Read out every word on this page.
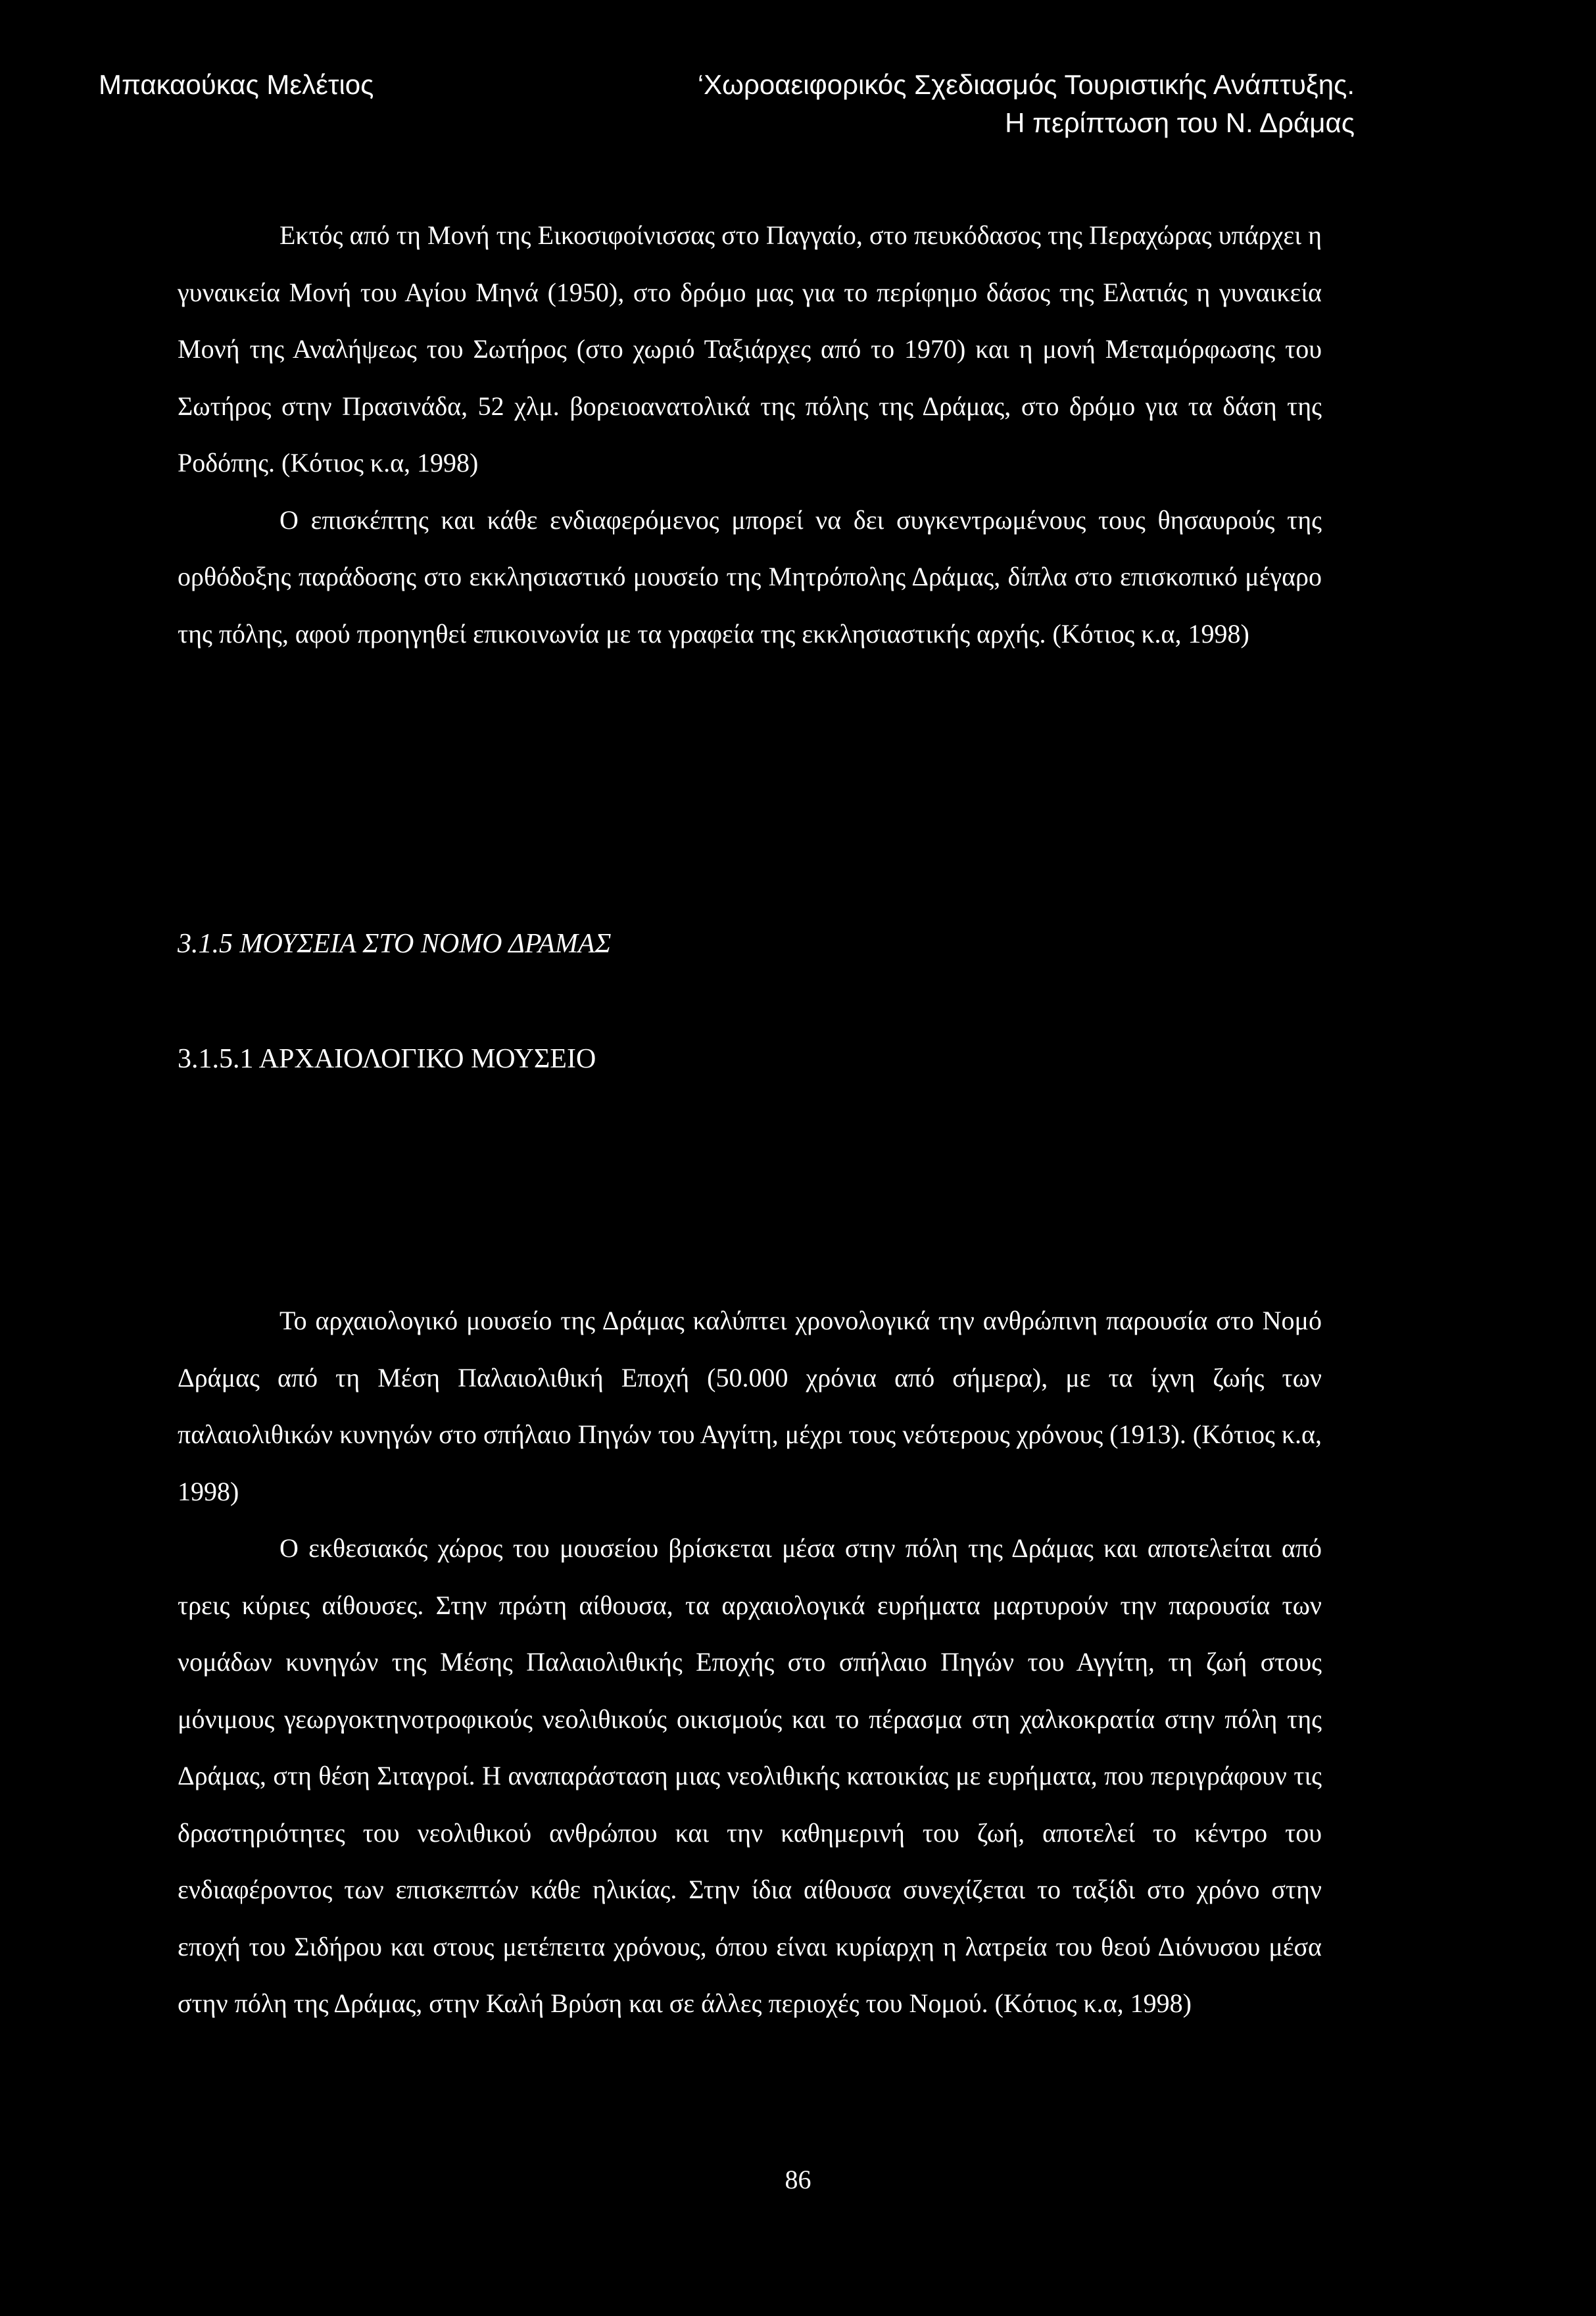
Μπακαούκας Μελέτιος	‘Χωροαειφορικός Σχεδιασμός Τουριστικής Ανάπτυξης.
Η περίπτωση του Ν. Δράμας

Εκτός από τη Μονή της Εικοσιφοίνισσας στο Παγγαίο, στο πευκόδασος της Περαχώρας υπάρχει η γυναικεία Μονή του Αγίου Μηνά (1950), στο δρόμο μας για το περίφημο δάσος της Ελατιάς η γυναικεία Μονή της Αναλήψεως του Σωτήρος (στο χωριό Ταξιάρχες από το 1970) και η μονή Μεταμόρφωσης του Σωτήρος στην Πρασινάδα, 52 χλμ. βορειοανατολικά της πόλης της Δράμας, στο δρόμο για τα δάση της Ροδόπης. (Κότιος κ.α, 1998)

Ο επισκέπτης και κάθε ενδιαφερόμενος μπορεί να δει συγκεντρωμένους τους θησαυρούς της ορθόδοξης παράδοσης στο εκκλησιαστικό μουσείο της Μητρόπολης Δράμας, δίπλα στο επισκοπικό μέγαρο της πόλης, αφού προηγηθεί επικοινωνία με τα γραφεία της εκκλησιαστικής αρχής. (Κότιος κ.α, 1998)

3.1.5 ΜΟΥΣΕΙΑ ΣΤΟ ΝΟΜΟ ΔΡΑΜΑΣ
3.1.5.1 ΑΡΧΑΙΟΛΟΓΙΚΟ ΜΟΥΣΕΙΟ

Το αρχαιολογικό μουσείο της Δράμας καλύπτει χρονολογικά την ανθρώπινη παρουσία στο Νομό Δράμας από τη Μέση Παλαιολιθική Εποχή (50.000 χρόνια από σήμερα), με τα ίχνη ζωής των παλαιολιθικών κυνηγών στο σπήλαιο Πηγών του Αγγίτη, μέχρι τους νεότερους χρόνους (1913). (Κότιος κ.α, 1998)

Ο εκθεσιακός χώρος του μουσείου βρίσκεται μέσα στην πόλη της Δράμας και αποτελείται από τρεις κύριες αίθουσες. Στην πρώτη αίθουσα, τα αρχαιολογικά ευρήματα μαρτυρούν την παρουσία των νομάδων κυνηγών της Μέσης Παλαιολιθικής Εποχής στο σπήλαιο Πηγών του Αγγίτη, τη ζωή στους μόνιμους γεωργοκτηνοτροφικούς νεολιθικούς οικισμούς και το πέρασμα στη χαλκοκρατία στην πόλη της Δράμας, στη θέση Σιταγροί. Η αναπαράσταση μιας νεολιθικής κατοικίας με ευρήματα, που περιγράφουν τις δραστηριότητες του νεολιθικού ανθρώπου και την καθημερινή του ζωή, αποτελεί το κέντρο του ενδιαφέροντος των επισκεπτών κάθε ηλικίας. Στην ίδια αίθουσα συνεχίζεται το ταξίδι στο χρόνο στην εποχή του Σιδήρου και στους μετέπειτα χρόνους, όπου είναι κυρίαρχη η λατρεία του θεού Διόνυσου μέσα στην πόλη της Δράμας, στην Καλή Βρύση και σε άλλες περιοχές του Νομού. (Κότιος κ.α, 1998)

86
